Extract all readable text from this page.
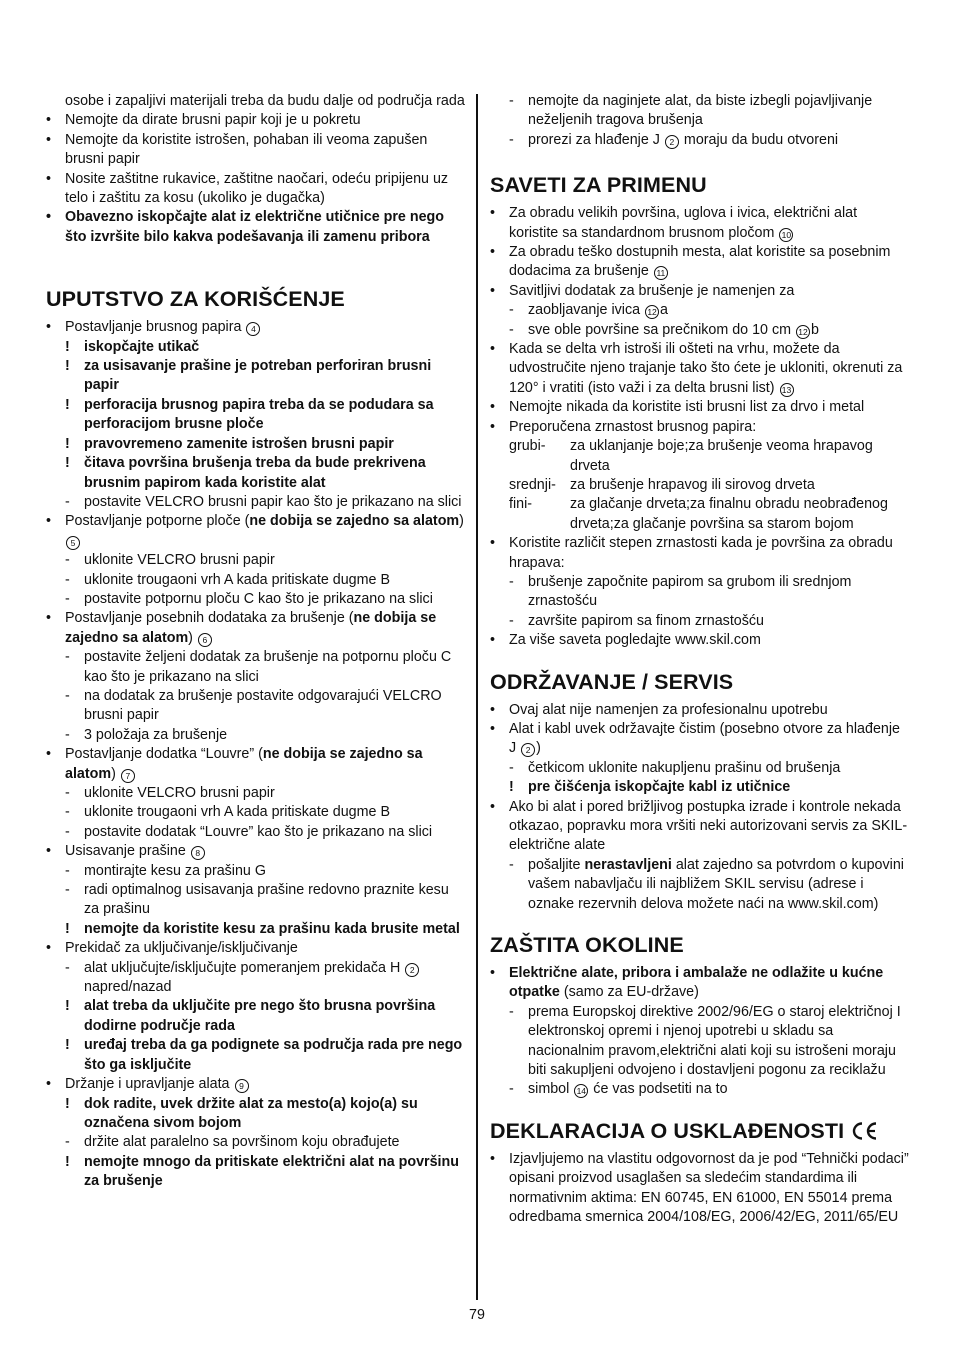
osobe i zapaljivi materijali treba da budu dalje od područja rada
• Nemojte da dirate brusni papir koji je u pokretu
• Nemojte da koristite istrošen, pohaban ili veoma zapušen brusni papir
• Nosite zaštitne rukavice, zaštitne naočari, odeću pripijenu uz telo i zaštitu za kosu (ukoliko je dugačka)
• Obavezno iskopčajte alat iz električne utičnice pre nego što izvršite bilo kakva podešavanja ili zamenu pribora
UPUTSTVO ZA KORIŠĆENJE
• Postavljanje brusnog papira 4
! iskopčajte utikač
! za usisavanje prašine je potreban perforiran brusni papir
! perforacija brusnog papira treba da se podudara sa perforacijom brusne ploče
! pravovremeno zamenite istrošen brusni papir
! čitava površina brušenja treba da bude prekrivena brusnim papirom kada koristite alat
- postavite VELCRO brusni papir kao što je prikazano na slici
• Postavljanje potporne ploče (ne dobija se zajedno sa alatom) 5
- uklonite VELCRO brusni papir
- uklonite trougaoni vrh A kada pritiskate dugme B
- postavite potpornu ploču C kao što je prikazano na slici
• Postavljanje posebnih dodataka za brušenje (ne dobija se zajedno sa alatom) 6
- postavite željeni dodatak za brušenje na potpornu ploču C kao što je prikazano na slici
- na dodatak za brušenje postavite odgovarajući VELCRO brusni papir
- 3 položaja za brušenje
• Postavljanje dodatka “Louvre” (ne dobija se zajedno sa alatom) 7
- uklonite VELCRO brusni papir
- uklonite trougaoni vrh A kada pritiskate dugme B
- postavite dodatak “Louvre” kao što je prikazano na slici
• Usisavanje prašine 8
- montirajte kesu za prašinu G
- radi optimalnog usisavanja prašine redovno praznite kesu za prašinu
! nemojte da koristite kesu za prašinu kada brusite metal
• Prekidač za uključivanje/isključivanje
- alat uključujte/isključujte pomeranjem prekidača H 2 napred/nazad
! alat treba da uključite pre nego što brusna površina dodirne područje rada
! uređaj treba da ga podignete sa područja rada pre nego što ga isključite
• Držanje i upravljanje alata 9
! dok radite, uvek držite alat za mesto(a) kojo(a) su označena sivom bojom
- držite alat paralelno sa površinom koju obrađujete
! nemojte mnogo da pritiskate električni alat na površinu za brušenje
- nemojte da naginjete alat, da biste izbegli pojavljivanje neželjenih tragova brušenja
- prorezi za hlađenje J 2 moraju da budu otvoreni
SAVETI ZA PRIMENU
• Za obradu velikih površina, uglova i ivica, električni alat koristite sa standardnom brusnom pločom 10
• Za obradu teško dostupnih mesta, alat koristite sa posebnim dodacima za brušenje 11
• Savitljivi dodatak za brušenje je namenjen za
- zaobljavanje ivica 12 a
- sve oble površine sa prečnikom do 10 cm 12 b
• Kada se delta vrh istroši ili ošteti na vrhu, možete da udvostručite njeno trajanje tako što ćete je ukloniti, okrenuti za 120° i vratiti (isto važi i za delta brusni list) 13
• Nemojte nikada da koristite isti brusni list za drvo i metal
• Preporučena zrnastost brusnog papira:
grubi-	za uklanjanje boje;za brušenje veoma hrapavog drveta
srednji- za brušenje hrapavog ili sirovog drveta
fini-	za glačanje drveta;za finalnu obradu neobrađenog drveta;za glačanje površina sa starom bojom
• Koristite različit stepen zrnastosti kada je površina za obradu hrapava:
- brušenje započnite papirom sa grubom ili srednjom zrnastošću
- završite papirom sa finom zrnastošću
• Za više saveta pogledajte www.skil.com
ODRŽAVANJE / SERVIS
• Ovaj alat nije namenjen za profesionalnu upotrebu
• Alat i kabl uvek održavajte čistim (posebno otvore za hlađenje J 2 )
- četkicom uklonite nakupljenu prašinu od brušenja
! pre čišćenja iskopčajte kabl iz utičnice
• Ako bi alat i pored brižljivog postupka izrade i kontrole nekada otkazao, popravku mora vršiti neki autorizovani servis za SKIL-električne alate
- pošaljite nerastavljeni alat zajedno sa potvrdom o kupovini vašem nabavljaču ili najbližem SKIL servisu (adrese i oznake rezervnih delova možete naći na www.skil.com)
ZAŠTITA OKOLINE
• Električne alate, pribora i ambalaže ne odlažite u kućne otpatke (samo za EU-države)
- prema Europskoj direktive 2002/96/EG o staroj električnoj I elektronskoj opremi i njenoj upotrebi u skladu sa nacionalnim pravom,električni alati koji su istrošeni moraju biti sakupljeni odvojeno i dostavljeni pogonu za reciklažu
- simbol 14 će vas podsetiti na to
DEKLARACIJA O USKLAĐENOSTI
• Izjavljujemo na vlastitu odgovornost da je pod “Tehnički podaci” opisani proizvod usaglašen sa sledećim standardima ili normativnim aktima: EN 60745, EN 61000, EN 55014 prema odredbama smernica 2004/108/EG, 2006/42/EG, 2011/65/EU
79
